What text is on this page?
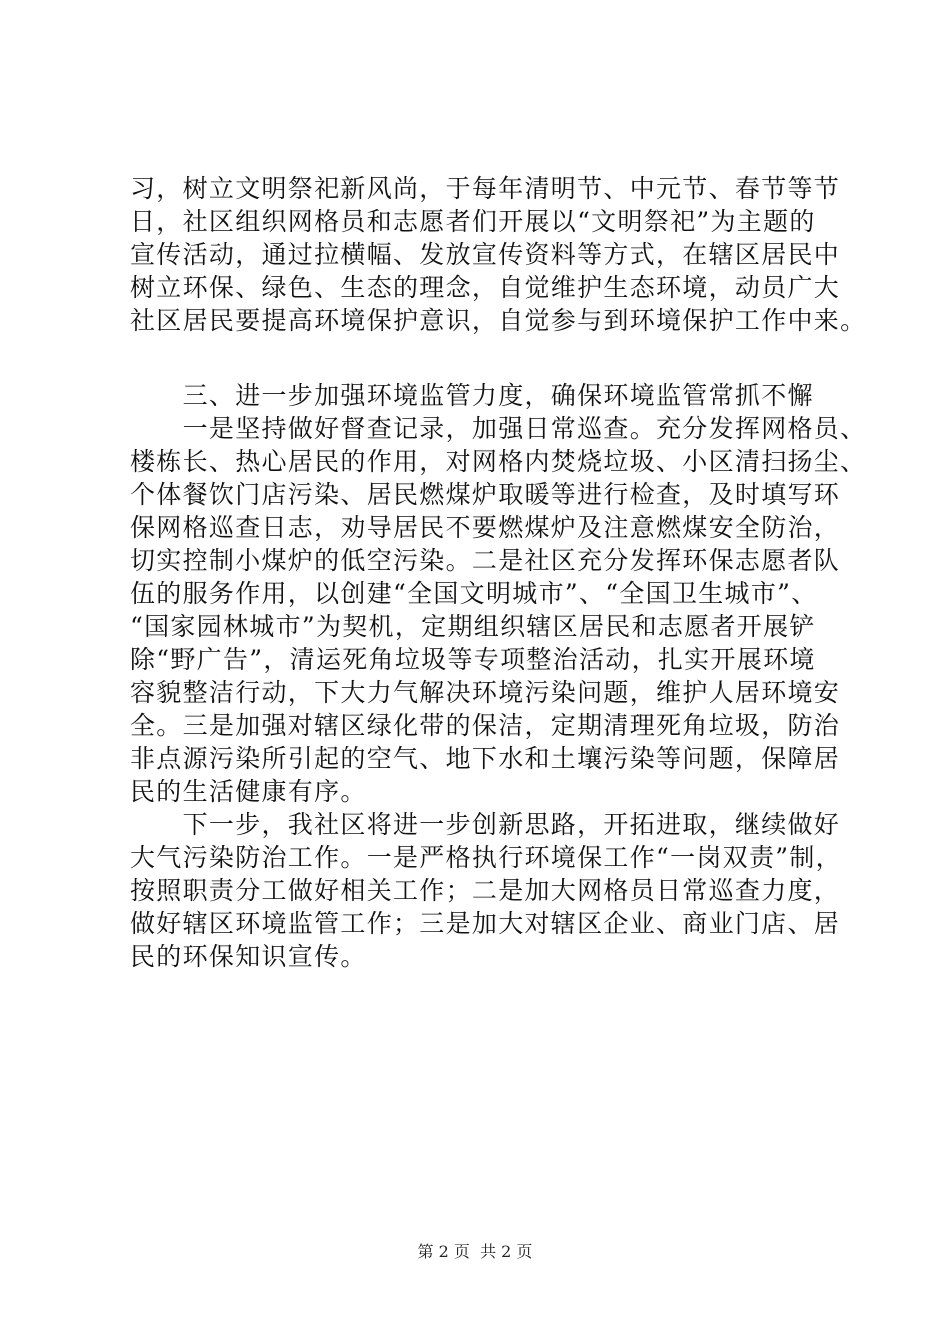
习，树立文明祭祀新风尚，于每年清明节、中元节、春节等节
日，社区组织网格员和志愿者们开展以“文明祭祀”为主题的
宣传活动，通过拉横幅、发放宣传资料等方式，在辖区居民中
树立环保、绿色、生态的理念，自觉维护生态环境，动员广大
社区居民要提高环境保护意识，自觉参与到环境保护工作中来。
　　三、进一步加强环境监管力度，确保环境监管常抓不懈
　　一是坚持做好督查记录，加强日常巡查。充分发挥网格员、
楼栋长、热心居民的作用，对网格内焚烧垃圾、小区清扫扬尘、
个体餐饮门店污染、居民燃煤炉取暖等进行检查，及时填写环
保网格巡查日志，劝导居民不要燃煤炉及注意燃煤安全防治，
切实控制小煤炉的低空污染。二是社区充分发挥环保志愿者队
伍的服务作用，以创建“全国文明城市”、“全国卫生城市”、
“国家园林城市”为契机，定期组织辖区居民和志愿者开展铲
除“野广告”，清运死角垃圾等专项整治活动，扎实开展环境
容貌整洁行动，下大力气解决环境污染问题，维护人居环境安
全。三是加强对辖区绿化带的保洁，定期清理死角垃圾，防治
非点源污染所引起的空气、地下水和土壤污染等问题，保障居
民的生活健康有序。
　　下一步，我社区将进一步创新思路，开拓进取，继续做好
大气污染防治工作。一是严格执行环境保工作“一岗双责”制，
按照职责分工做好相关工作；二是加大网格员日常巡查力度，
做好辖区环境监管工作；三是加大对辖区企业、商业门店、居
民的环保知识宣传。
第 2 页  共 2 页
